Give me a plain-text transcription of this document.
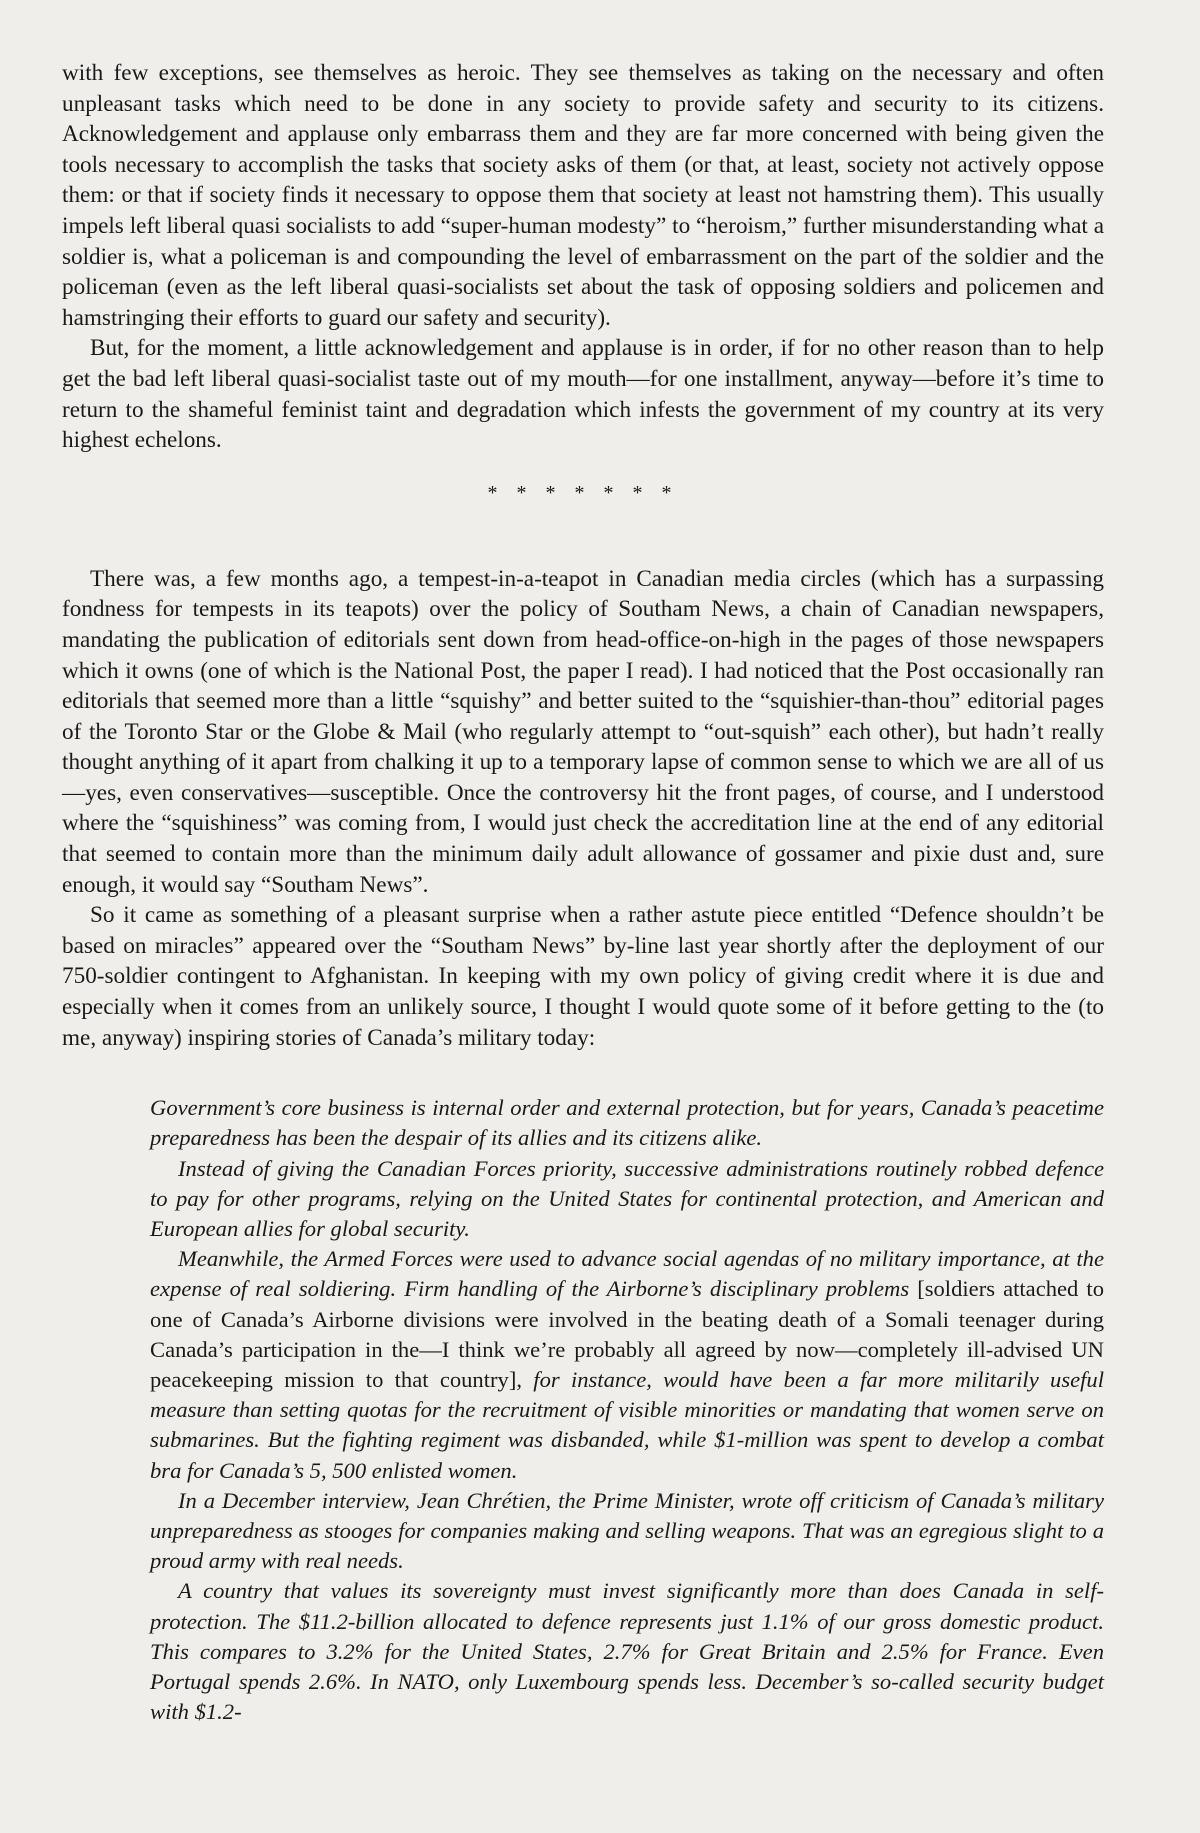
with few exceptions, see themselves as heroic. They see themselves as taking on the necessary and often unpleasant tasks which need to be done in any society to provide safety and security to its citizens. Acknowledgement and applause only embarrass them and they are far more concerned with being given the tools necessary to accomplish the tasks that society asks of them (or that, at least, society not actively oppose them: or that if society finds it necessary to oppose them that society at least not hamstring them). This usually impels left liberal quasi socialists to add “super-human modesty” to “heroism,” further misunderstanding what a soldier is, what a policeman is and compounding the level of embarrassment on the part of the soldier and the policeman (even as the left liberal quasi-socialists set about the task of opposing soldiers and policemen and hamstringing their efforts to guard our safety and security).

But, for the moment, a little acknowledgement and applause is in order, if for no other reason than to help get the bad left liberal quasi-socialist taste out of my mouth—for one installment, anyway—before it’s time to return to the shameful feminist taint and degradation which infests the government of my country at its very highest echelons.

* * * * * * *

There was, a few months ago, a tempest-in-a-teapot in Canadian media circles (which has a surpassing fondness for tempests in its teapots) over the policy of Southam News, a chain of Canadian newspapers, mandating the publication of editorials sent down from head-office-on-high in the pages of those newspapers which it owns (one of which is the National Post, the paper I read). I had noticed that the Post occasionally ran editorials that seemed more than a little “squishy” and better suited to the “squishier-than-thou” editorial pages of the Toronto Star or the Globe & Mail (who regularly attempt to “out-squish” each other), but hadn’t really thought anything of it apart from chalking it up to a temporary lapse of common sense to which we are all of us—yes, even conservatives—susceptible. Once the controversy hit the front pages, of course, and I understood where the “squishiness” was coming from, I would just check the accreditation line at the end of any editorial that seemed to contain more than the minimum daily adult allowance of gossamer and pixie dust and, sure enough, it would say “Southam News”.

So it came as something of a pleasant surprise when a rather astute piece entitled “Defence shouldn’t be based on miracles” appeared over the “Southam News” by-line last year shortly after the deployment of our 750-soldier contingent to Afghanistan. In keeping with my own policy of giving credit where it is due and especially when it comes from an unlikely source, I thought I would quote some of it before getting to the (to me, anyway) inspiring stories of Canada’s military today:

Government’s core business is internal order and external protection, but for years, Canada’s peacetime preparedness has been the despair of its allies and its citizens alike.

Instead of giving the Canadian Forces priority, successive administrations routinely robbed defence to pay for other programs, relying on the United States for continental protection, and American and European allies for global security.

Meanwhile, the Armed Forces were used to advance social agendas of no military importance, at the expense of real soldiering. Firm handling of the Airborne’s disciplinary problems [soldiers attached to one of Canada’s Airborne divisions were involved in the beating death of a Somali teenager during Canada’s participation in the—I think we’re probably all agreed by now—completely ill-advised UN peacekeeping mission to that country], for instance, would have been a far more militarily useful measure than setting quotas for the recruitment of visible minorities or mandating that women serve on submarines. But the fighting regiment was disbanded, while $1-million was spent to develop a combat bra for Canada’s 5, 500 enlisted women.

In a December interview, Jean Chrétien, the Prime Minister, wrote off criticism of Canada’s military unpreparedness as stooges for companies making and selling weapons. That was an egregious slight to a proud army with real needs.

A country that values its sovereignty must invest significantly more than does Canada in self-protection. The $11.2-billion allocated to defence represents just 1.1% of our gross domestic product. This compares to 3.2% for the United States, 2.7% for Great Britain and 2.5% for France. Even Portugal spends 2.6%. In NATO, only Luxembourg spends less. December’s so-called security budget with $1.2-
